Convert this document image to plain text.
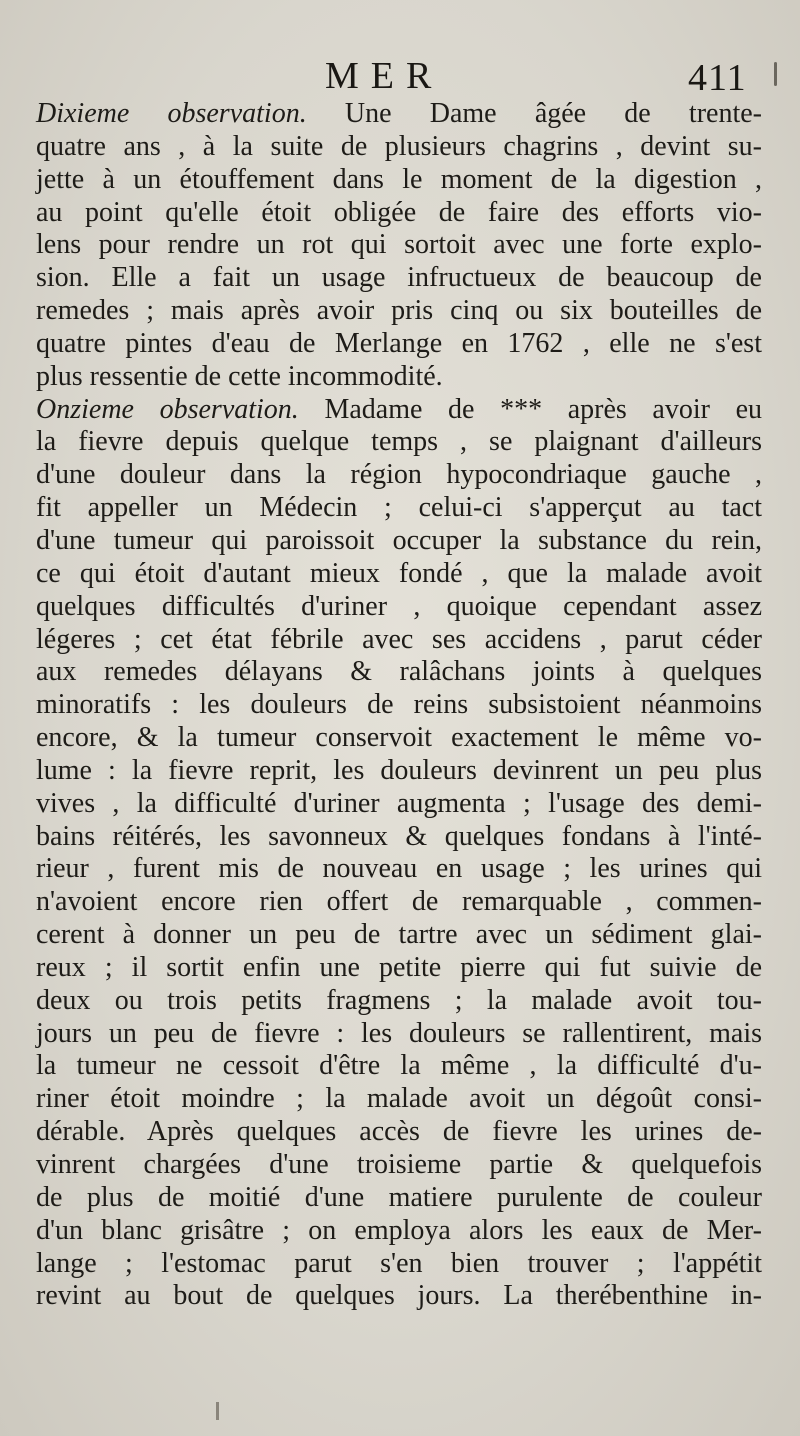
MER	411
Dixieme observation. Une Dame âgée de trente-
quatre ans , à la suite de plusieurs chagrins , devint su-
jette à un étouffement dans le moment de la digestion ,
au point qu'elle étoit obligée de faire des efforts vio-
lens pour rendre un rot qui sortoit avec une forte explo-
sion. Elle a fait un usage infructueux de beaucoup de
remedes ; mais après avoir pris cinq ou six bouteilles de
quatre pintes d'eau de Merlange en 1762 , elle ne s'est
plus ressentie de cette incommodité.
Onzieme observation. Madame de *** après avoir eu
la fievre depuis quelque temps , se plaignant d'ailleurs
d'une douleur dans la région hypocondriaque gauche ,
fit appeller un Médecin ; celui-ci s'apperçut au tact
d'une tumeur qui paroissoit occuper la substance du rein,
ce qui étoit d'autant mieux fondé , que la malade avoit
quelques difficultés d'uriner , quoique cependant assez
légeres ; cet état fébrile avec ses accidens , parut céder
aux remedes délayans & ralâchans joints à quelques
minoratifs : les douleurs de reins subsistoient néanmoins
encore, & la tumeur conservoit exactement le même vo-
lume : la fievre reprit, les douleurs devinrent un peu plus
vives , la difficulté d'uriner augmenta ; l'usage des demi-
bains réitérés, les savonneux & quelques fondans à l'inté-
rieur , furent mis de nouveau en usage ; les urines qui
n'avoient encore rien offert de remarquable , commen-
cerent à donner un peu de tartre avec un sédiment glai-
reux ; il sortit enfin une petite pierre qui fut suivie de
deux ou trois petits fragmens ; la malade avoit tou-
jours un peu de fievre : les douleurs se rallentirent, mais
la tumeur ne cessoit d'être la même , la difficulté d'u-
riner étoit moindre ; la malade avoit un dégoût consi-
dérable. Après quelques accès de fievre les urines de-
vinrent chargées d'une troisieme partie & quelquefois
de plus de moitié d'une matiere purulente de couleur
d'un blanc grisâtre ; on employa alors les eaux de Mer-
lange ; l'estomac parut s'en bien trouver ; l'appétit
revint au bout de quelques jours. La therébenthine in-
